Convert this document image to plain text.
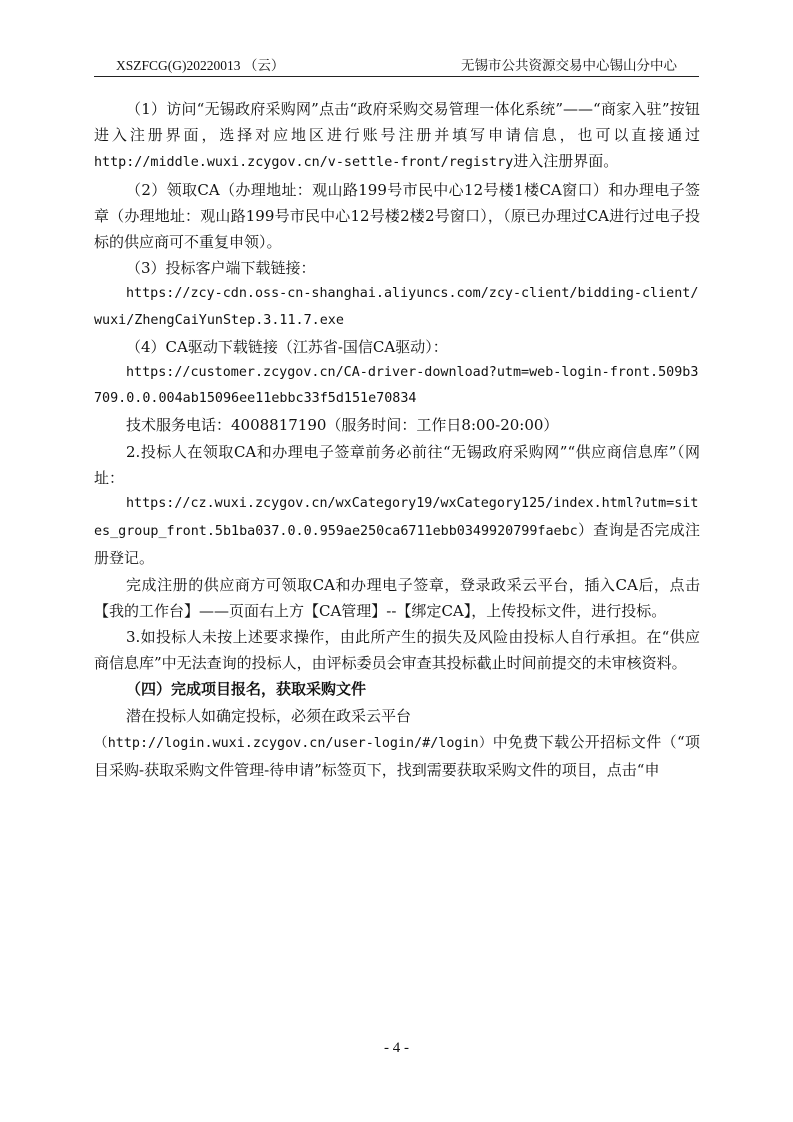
XSZFCG(G)20220013 （云）	无锡市公共资源交易中心锡山分中心

（1）访问“无锡政府采购网”点击“政府采购交易管理一体化系统”——“商家入驻”按钮进入注册界面，选择对应地区进行账号注册并填写申请信息，也可以直接通过http://middle.wuxi.zcygov.cn/v-settle-front/registry进入注册界面。

（2）领取CA（办理地址：观山路199号市民中心12号楼1楼CA窗口）和办理电子签章（办理地址：观山路199号市民中心12号楼2楼2号窗口），（原已办理过CA进行过电子投标的供应商可不重复申领）。

（3）投标客户端下载链接：

https://zcy-cdn.oss-cn-shanghai.aliyuncs.com/zcy-client/bidding-client/

wuxi/ZhengCaiYunStep.3.11.7.exe

（4）CA驱动下载链接（江苏省-国信CA驱动）：

https://customer.zcygov.cn/CA-driver-download?utm=web-login-front.509b3

709.0.0.004ab15096ee11ebbc33f5d151e70834

技术服务电话：4008817190（服务时间：工作日8:00-20:00）

2.投标人在领取CA和办理电子签章前务必前往“无锡政府采购网”“供应商信息库”（网址：

https://cz.wuxi.zcygov.cn/wxCategory19/wxCategory125/index.html?utm=sit

es_group_front.5b1ba037.0.0.959ae250ca6711ebb0349920799faebc）查询是否完成注册登记。

完成注册的供应商方可领取CA和办理电子签章，登录政采云平台，插入CA后，点击【我的工作台】——页面右上方【CA管理】--【绑定CA】，上传投标文件，进行投标。

3.如投标人未按上述要求操作，由此所产生的损失及风险由投标人自行承担。在“供应商信息库”中无法查询的投标人，由评标委员会审查其投标截止时间前提交的未审核资料。

（四）完成项目报名，获取采购文件

潜在投标人如确定投标，必须在政采云平台

（http://login.wuxi.zcygov.cn/user-login/#/login）中免费下载公开招标文件（“项目采购-获取采购文件管理-待申请”标签页下，找到需要获取采购文件的项目，点击“申

- 4 -
